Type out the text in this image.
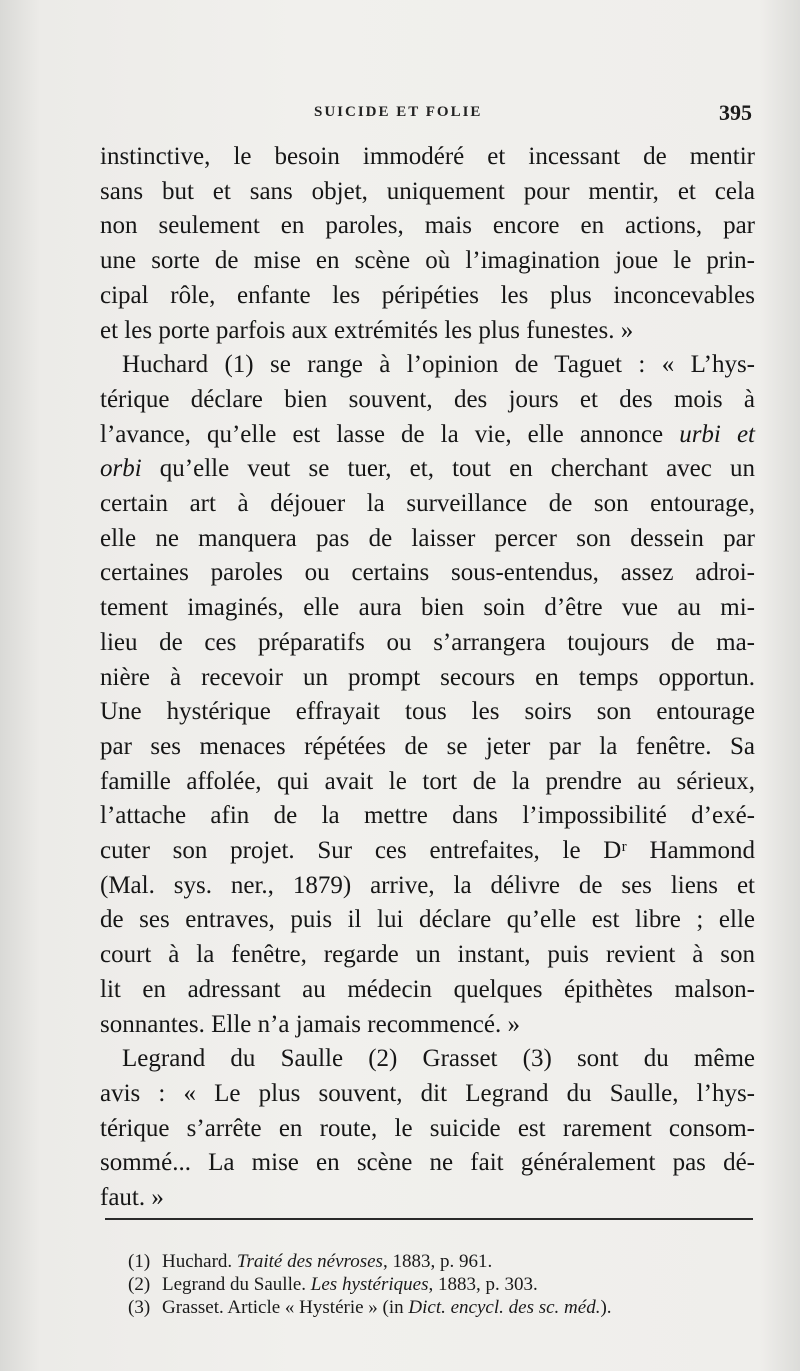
SUICIDE ET FOLIE	395
instinctive, le besoin immodéré et incessant de mentir
sans but et sans objet, uniquement pour mentir, et cela
non seulement en paroles, mais encore en actions, par
une sorte de mise en scène où l’imagination joue le prin-
cipal rôle, enfante les péripéties les plus inconcevables
et les porte parfois aux extrémités les plus funestes. »
Huchard (1) se range à l’opinion de Taguet : « L’hys-
térique déclare bien souvent, des jours et des mois à
l’avance, qu’elle est lasse de la vie, elle annonce urbi et
orbi qu’elle veut se tuer, et, tout en cherchant avec un
certain art à déjouer la surveillance de son entourage,
elle ne manquera pas de laisser percer son dessein par
certaines paroles ou certains sous-entendus, assez adroi-
tement imaginés, elle aura bien soin d’être vue au mi-
lieu de ces préparatifs ou s’arrangera toujours de ma-
nière à recevoir un prompt secours en temps opportun.
Une hystérique effrayait tous les soirs son entourage
par ses menaces répétées de se jeter par la fenêtre. Sa
famille affolée, qui avait le tort de la prendre au sérieux,
l’attache afin de la mettre dans l’impossibilité d’exé-
cuter son projet. Sur ces entrefaites, le Dʳ Hammond
(Mal. sys. ner., 1879) arrive, la délivre de ses liens et
de ses entraves, puis il lui déclare qu’elle est libre ; elle
court à la fenêtre, regarde un instant, puis revient à son
lit en adressant au médecin quelques épithètes malson-
sonnantes. Elle n’a jamais recommencé. »
Legrand du Saulle (2) Grasset (3) sont du même
avis : « Le plus souvent, dit Legrand du Saulle, l’hys-
térique s’arrête en route, le suicide est rarement consom-
sommé... La mise en scène ne fait généralement pas dé-
faut. »
(1) Huchard. Traité des névroses, 1883, p. 961.
(2) Legrand du Saulle. Les hystériques, 1883, p. 303.
(3) Grasset. Article « Hystérie » (in Dict. encycl. des sc. méd.).
